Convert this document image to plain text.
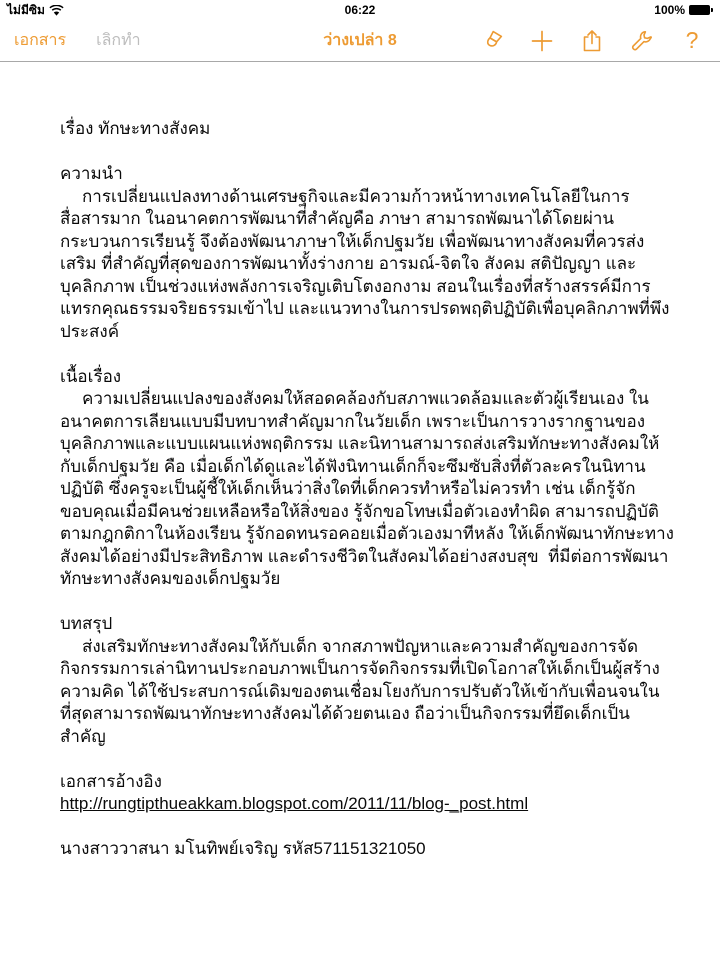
ไม่มีซิม	06:22	100%
เอกสาร เลิกทำ	ว่างเปล่า 8	?
เรื่อง ทักษะทางสังคม
ความนำ
การเปลี่ยนแปลงทางด้านเศรษฐกิจและมีความก้าวหน้าทางเทคโนโลยีในการ
สื่อสารมาก ในอนาคตการพัฒนาที่สำคัญคือ ภาษา สามารถพัฒนาได้โดยผ่าน
กระบวนการเรียนรู้ จึงต้องพัฒนาภาษาให้เด็กปฐมวัย เพื่อพัฒนาทางสังคมที่ควรส่ง
เสริม ที่สำคัญที่สุดของการพัฒนาทั้งร่างกาย อารมณ์-จิตใจ สังคม สติปัญญา และ
บุคลิกภาพ เป็นช่วงแห่งพลังการเจริญเติบโตงอกงาม สอนในเรื่องที่สร้างสรรค์มีการ
แทรกคุณธรรมจริยธรรมเข้าไป และแนวทางในการปรดพฤติปฏิบัติเพื่อบุคลิกภาพที่พึง
ประสงค์
เนื้อเรื่อง
ความเปลี่ยนแปลงของสังคมให้สอดคล้องกับสภาพแวดล้อมและตัวผู้เรียนเอง ใน
อนาคตการเลียนแบบมีบทบาทสำคัญมากในวัยเด็ก เพราะเป็นการวางรากฐานของ
บุคลิกภาพและแบบแผนแห่งพฤติกรรม และนิทานสามารถส่งเสริมทักษะทางสังคมให้
กับเด็กปฐมวัย คือ เมื่อเด็กได้ดูและได้ฟังนิทานเด็กก็จะซึมซับสิ่งที่ตัวละครในนิทาน
ปฏิบัติ ซึ่งครูจะเป็นผู้ชี้ให้เด็กเห็นว่าสิ่งใดที่เด็กควรทำหรือไม่ควรทำ เช่น เด็กรู้จัก
ขอบคุณเมื่อมีคนช่วยเหลือหรือให้สิ่งของ รู้จักขอโทษเมื่อตัวเองทำผิด สามารถปฏิบัติ
ตามกฎกติกาในห้องเรียน รู้จักอดทนรอคอยเมื่อตัวเองมาทีหลัง ให้เด็กพัฒนาทักษะทาง
สังคมได้อย่างมีประสิทธิภาพ และดำรงชีวิตในสังคมได้อย่างสงบสุข  ที่มีต่อการพัฒนา
ทักษะทางสังคมของเด็กปฐมวัย
บทสรุป
ส่งเสริมทักษะทางสังคมให้กับเด็ก จากสภาพปัญหาและความสำคัญของการจัด
กิจกรรมการเล่านิทานประกอบภาพเป็นการจัดกิจกรรมที่เปิดโอกาสให้เด็กเป็นผู้สร้าง
ความคิด ได้ใช้ประสบการณ์เดิมของตนเชื่อมโยงกับการปรับตัวให้เข้ากับเพื่อนจนใน
ที่สุดสามารถพัฒนาทักษะทางสังคมได้ด้วยตนเอง ถือว่าเป็นกิจกรรมที่ยึดเด็กเป็น
สำคัญ
เอกสารอ้างอิง
http://rungtipthueakkam.blogspot.com/2011/11/blog-_post.html
นางสาววาสนา มโนทิพย์เจริญ รหัส571151321050
